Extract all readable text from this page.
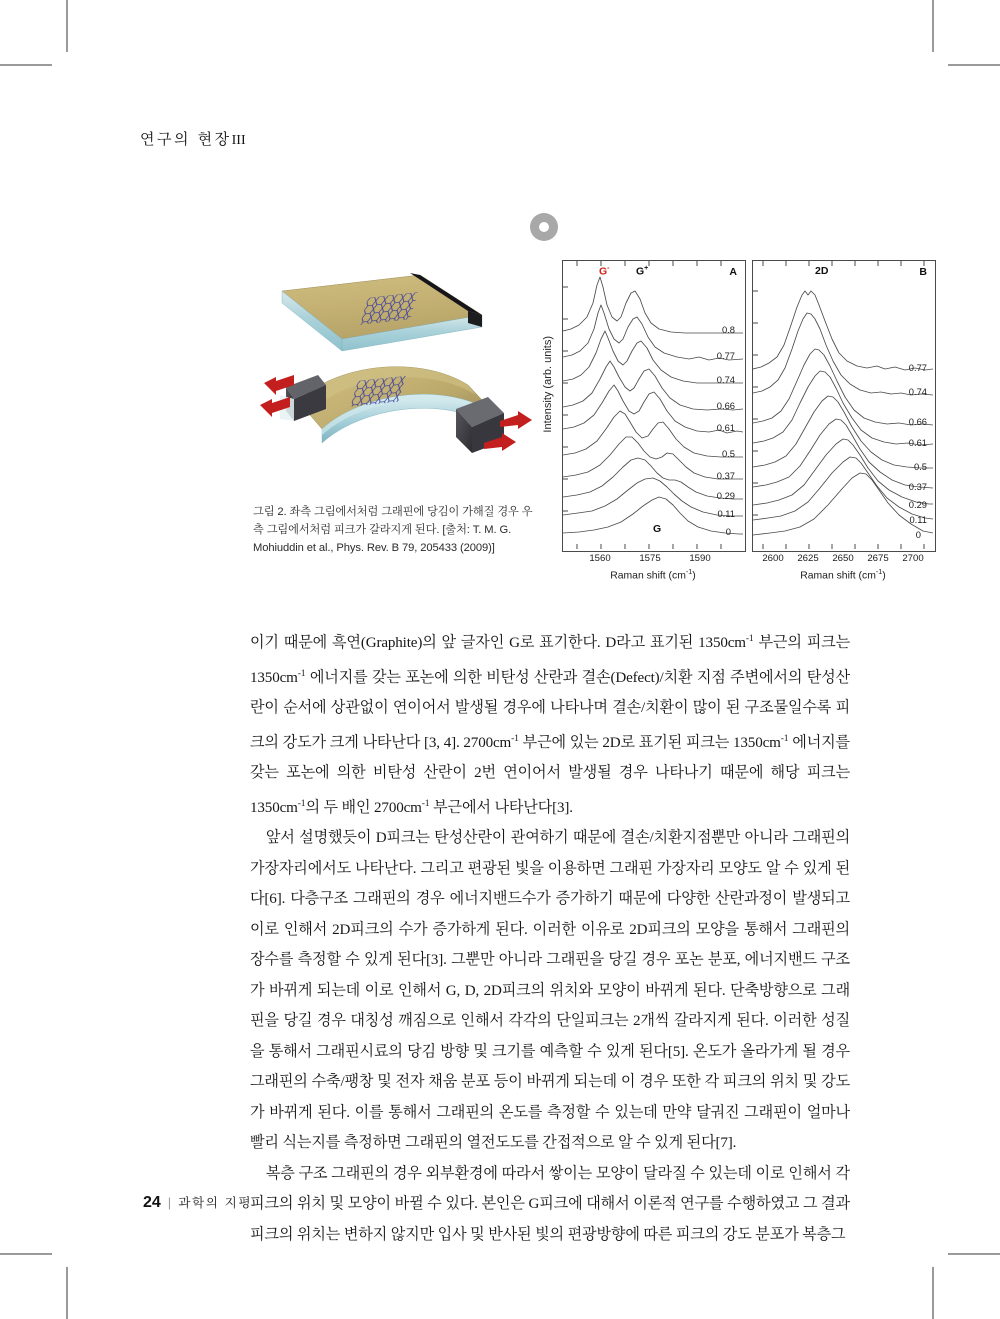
연구의 현장III
그림 2. 좌측 그림에서처럼 그래핀에 당김이 가해질 경우 우측 그림에서처럼 피크가 갈라지게 된다. [출처: T. M. G. Mohiuddin et al., Phys. Rev. B 79, 205433 (2009)]
Intensity (arb. units)
G-	G+
G
A
0.8
0.77
0.74
0.66
0.61
0.5
0.37
0.29
0.11
0
1560	1575	1590
Raman shift $(cm^{-1})$
2D	B
0.77
0.74
0.66
0.61
0.5
0.37
0.29
0.11
0
2600 2625 2650 2675 2700
Raman shift $(cm^{-1})$

이기 때문에 흑연(Graphite)의 앞 글자인 G로 표기한다. D라고 표기된 $1350cm^{-1}$ 부근의 피크는 $1350cm^{-1}$ 에너지를 갖는 포논에 의한 비탄성 산란과 결손(Defect)/치환 지점 주변에서의 탄성산란이 순서에 상관없이 연이어서 발생될 경우에 나타나며 결손/치환이 많이 된 구조물일수록 피크의 강도가 크게 나타난다 [3, 4]. $2700cm^{-1}$ 부근에 있는 2D로 표기된 피크는 $1350cm^{-1}$ 에너지를 갖는 포논에 의한 비탄성 산란이 2번 연이어서 발생될 경우 나타나기 때문에 해당 피크는 $1350cm^{-1}$의 두 배인 $2700cm^{-1}$ 부근에서 나타난다[3].

앞서 설명했듯이 D피크는 탄성산란이 관여하기 때문에 결손/치환지점뿐만 아니라 그래핀의 가장자리에서도 나타난다. 그리고 편광된 빛을 이용하면 그래핀 가장자리 모양도 알 수 있게 된다[6]. 다층구조 그래핀의 경우 에너지밴드수가 증가하기 때문에 다양한 산란과정이 발생되고 이로 인해서 2D피크의 수가 증가하게 된다. 이러한 이유로 2D피크의 모양을 통해서 그래핀의 장수를 측정할 수 있게 된다[3]. 그뿐만 아니라 그래핀을 당길 경우 포논 분포, 에너지밴드 구조가 바뀌게 되는데 이로 인해서 G, D, 2D피크의 위치와 모양이 바뀌게 된다. 단축방향으로 그래핀을 당길 경우 대칭성 깨짐으로 인해서 각각의 단일피크는 2개씩 갈라지게 된다. 이러한 성질을 통해서 그래핀시료의 당김 방향 및 크기를 예측할 수 있게 된다[5]. 온도가 올라가게 될 경우 그래핀의 수축/팽창 및 전자 채움 분포 등이 바뀌게 되는데 이 경우 또한 각 피크의 위치 및 강도가 바뀌게 된다. 이를 통해서 그래핀의 온도를 측정할 수 있는데 만약 달궈진 그래핀이 얼마나 빨리 식는지를 측정하면 그래핀의 열전도도를 간접적으로 알 수 있게 된다[7].

복층 구조 그래핀의 경우 외부환경에 따라서 쌓이는 모양이 달라질 수 있는데 이로 인해서 각 피크의 위치 및 모양이 바뀔 수 있다. 본인은 G피크에 대해서 이론적 연구를 수행하였고 그 결과 피크의 위치는 변하지 않지만 입사 및 반사된 빛의 편광방향에 따른 피크의 강도 분포가 복층그

24 | 과학의 지평
